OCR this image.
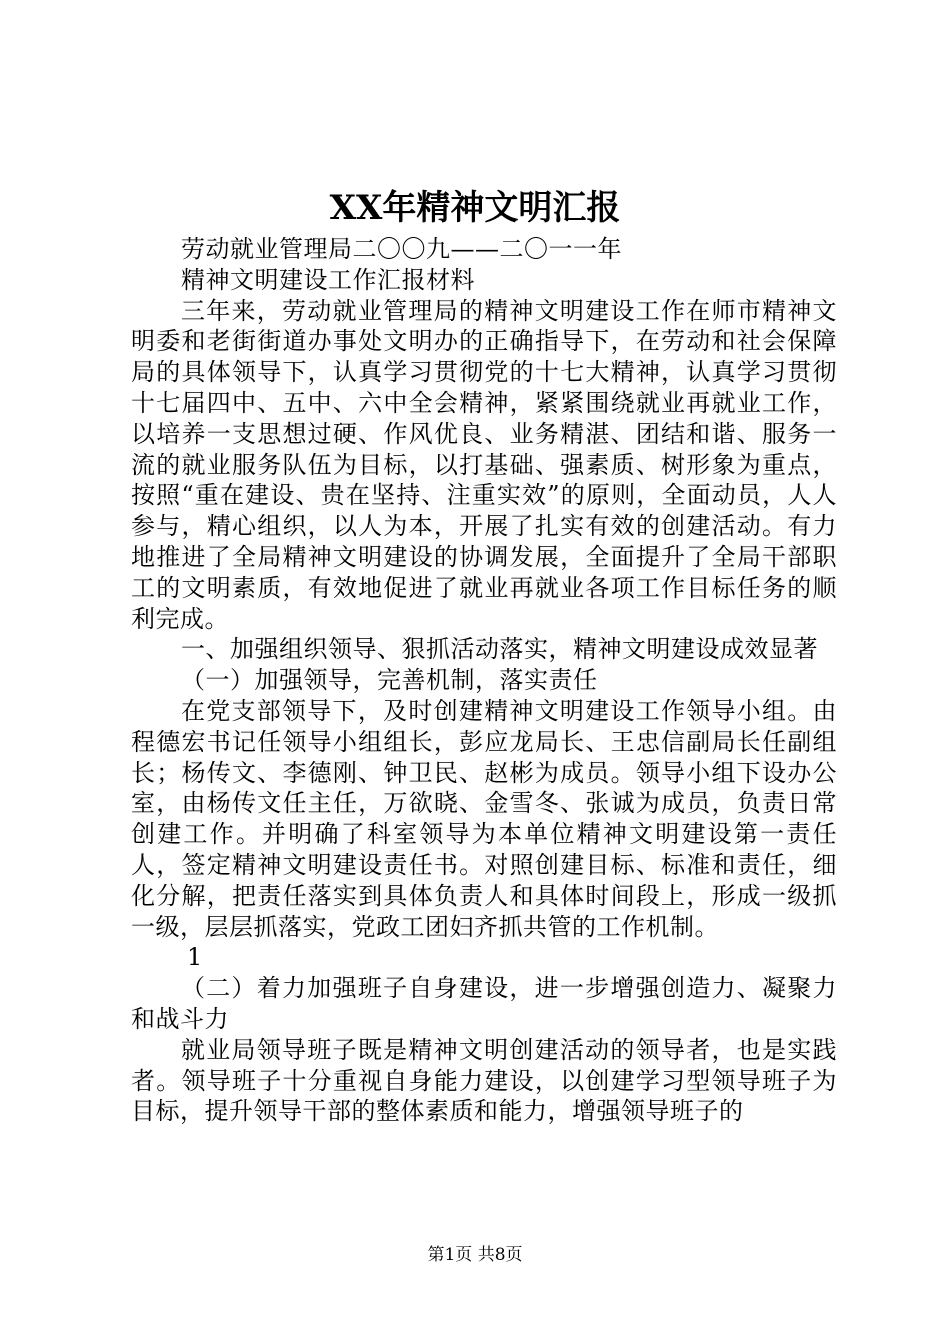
XX年精神文明汇报

劳动就业管理局二〇〇九——二〇一一年

精神文明建设工作汇报材料

三年来，劳动就业管理局的精神文明建设工作在师市精神文明委和老街街道办事处文明办的正确指导下，在劳动和社会保障局的具体领导下，认真学习贯彻党的十七大精神，认真学习贯彻十七届四中、五中、六中全会精神，紧紧围绕就业再就业工作，以培养一支思想过硬、作风优良、业务精湛、团结和谐、服务一流的就业服务队伍为目标，以打基础、强素质、树形象为重点，按照“重在建设、贵在坚持、注重实效”的原则，全面动员，人人参与，精心组织，以人为本，开展了扎实有效的创建活动。有力地推进了全局精神文明建设的协调发展，全面提升了全局干部职工的文明素质，有效地促进了就业再就业各项工作目标任务的顺利完成。

一、加强组织领导、狠抓活动落实，精神文明建设成效显著

（一）加强领导，完善机制，落实责任

在党支部领导下，及时创建精神文明建设工作领导小组。由程德宏书记任领导小组组长，彭应龙局长、王忠信副局长任副组长；杨传文、李德刚、钟卫民、赵彬为成员。领导小组下设办公室，由杨传文任主任，万欲晓、金雪冬、张诚为成员，负责日常创建工作。并明确了科室领导为本单位精神文明建设第一责任人，签定精神文明建设责任书。对照创建目标、标准和责任，细化分解，把责任落实到具体负责人和具体时间段上，形成一级抓一级，层层抓落实，党政工团妇齐抓共管的工作机制。

1

（二）着力加强班子自身建设，进一步增强创造力、凝聚力和战斗力

就业局领导班子既是精神文明创建活动的领导者，也是实践者。领导班子十分重视自身能力建设，以创建学习型领导班子为目标，提升领导干部的整体素质和能力，增强领导班子的

第1页 共8页
